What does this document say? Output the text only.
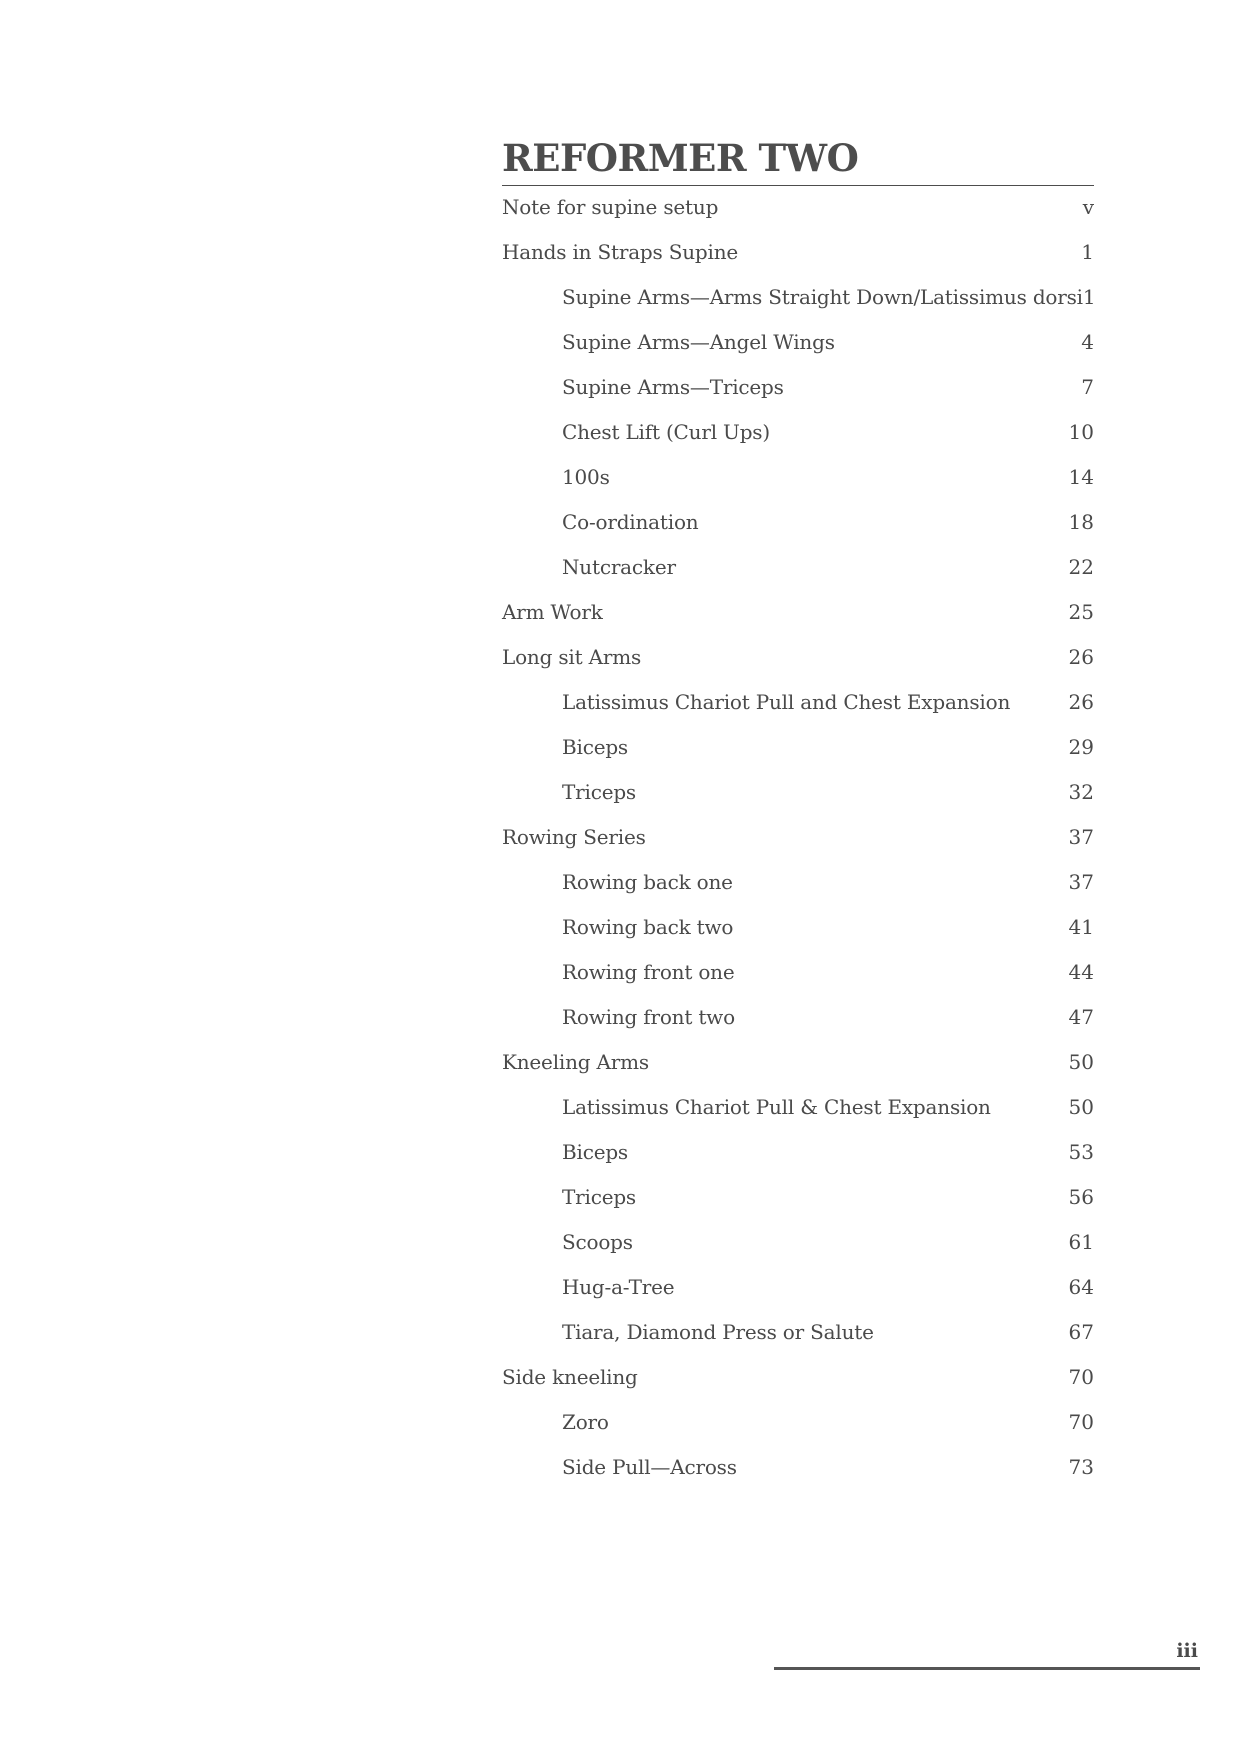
REFORMER TWO
Note for supine setup	v
Hands in Straps Supine	1
Supine Arms—Arms Straight Down/Latissimus dorsi 1
Supine Arms—Angel Wings	4
Supine Arms—Triceps	7
Chest Lift (Curl Ups)	10
100s	14
Co-ordination	18
Nutcracker	22
Arm Work	25
Long sit Arms	26
Latissimus Chariot Pull and Chest Expansion	26
Biceps	29
Triceps	32
Rowing Series	37
Rowing back one	37
Rowing back two	41
Rowing front one	44
Rowing front two	47
Kneeling Arms	50
Latissimus Chariot Pull & Chest Expansion	50
Biceps	53
Triceps	56
Scoops	61
Hug-a-Tree	64
Tiara, Diamond Press or Salute	67
Side kneeling	70
Zoro	70
Side Pull—Across	73
iii
